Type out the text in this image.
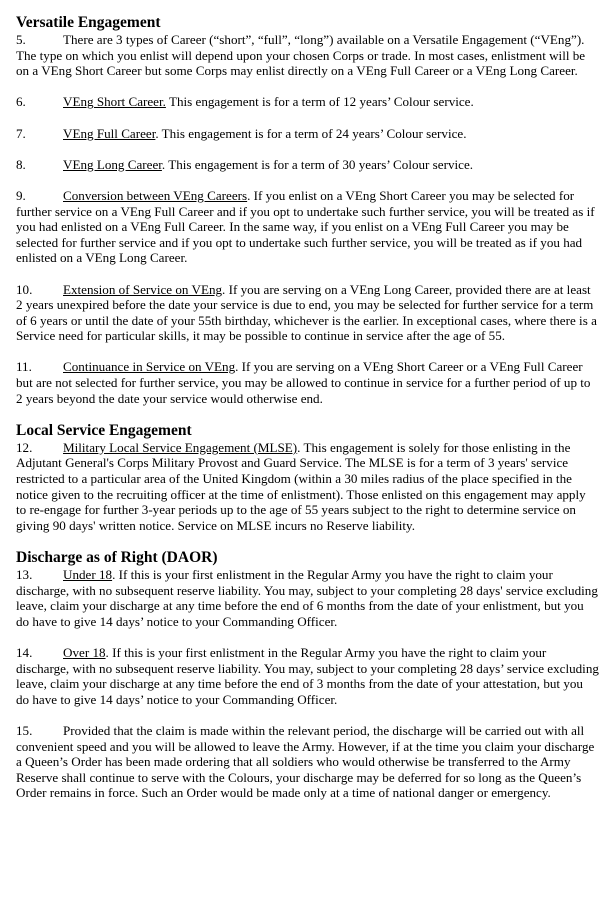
Versatile Engagement

5.	There are 3 types of Career (“short”, “full”, “long”) available on a Versatile Engagement (“VEng”). The type on which you enlist will depend upon your chosen Corps or trade. In most cases, enlistment will be on a VEng Short Career but some Corps may enlist directly on a VEng Full Career or a VEng Long Career.

6.	VEng Short Career. This engagement is for a term of 12 years’ Colour service.

7.	VEng Full Career. This engagement is for a term of 24 years’ Colour service.

8.	VEng Long Career. This engagement is for a term of 30 years’ Colour service.

9.	Conversion between VEng Careers. If you enlist on a VEng Short Career you may be selected for further service on a VEng Full Career and if you opt to undertake such further service, you will be treated as if you had enlisted on a VEng Full Career. In the same way, if you enlist on a VEng Full Career you may be selected for further service and if you opt to undertake such further service, you will be treated as if you had enlisted on a VEng Long Career.

10. Extension of Service on VEng. If you are serving on a VEng Long Career, provided there are at least 2 years unexpired before the date your service is due to end, you may be selected for further service for a term of 6 years or until the date of your 55th birthday, whichever is the earlier. In exceptional cases, where there is a Service need for particular skills, it may be possible to continue in service after the age of 55.

11. Continuance in Service on VEng. If you are serving on a VEng Short Career or a VEng Full Career but are not selected for further service, you may be allowed to continue in service for a further period of up to 2 years beyond the date your service would otherwise end.

Local Service Engagement

12. Military Local Service Engagement (MLSE). This engagement is solely for those enlisting in the Adjutant General's Corps Military Provost and Guard Service. The MLSE is for a term of 3 years' service restricted to a particular area of the United Kingdom (within a 30 miles radius of the place specified in the notice given to the recruiting officer at the time of enlistment). Those enlisted on this engagement may apply to re-engage for further 3-year periods up to the age of 55 years subject to the right to determine service on giving 90 days' written notice. Service on MLSE incurs no Reserve liability.

Discharge as of Right (DAOR)

13. Under 18. If this is your first enlistment in the Regular Army you have the right to claim your discharge, with no subsequent reserve liability. You may, subject to your completing 28 days' service excluding leave, claim your discharge at any time before the end of 6 months from the date of your enlistment, but you do have to give 14 days’ notice to your Commanding Officer.

14. Over 18. If this is your first enlistment in the Regular Army you have the right to claim your discharge, with no subsequent reserve liability. You may, subject to your completing 28 days’ service excluding leave, claim your discharge at any time before the end of 3 months from the date of your attestation, but you do have to give 14 days’ notice to your Commanding Officer.

15. Provided that the claim is made within the relevant period, the discharge will be carried out with all convenient speed and you will be allowed to leave the Army. However, if at the time you claim your discharge a Queen’s Order has been made ordering that all soldiers who would otherwise be transferred to the Army Reserve shall continue to serve with the Colours, your discharge may be deferred for so long as the Queen’s Order remains in force. Such an Order would be made only at a time of national danger or emergency.
